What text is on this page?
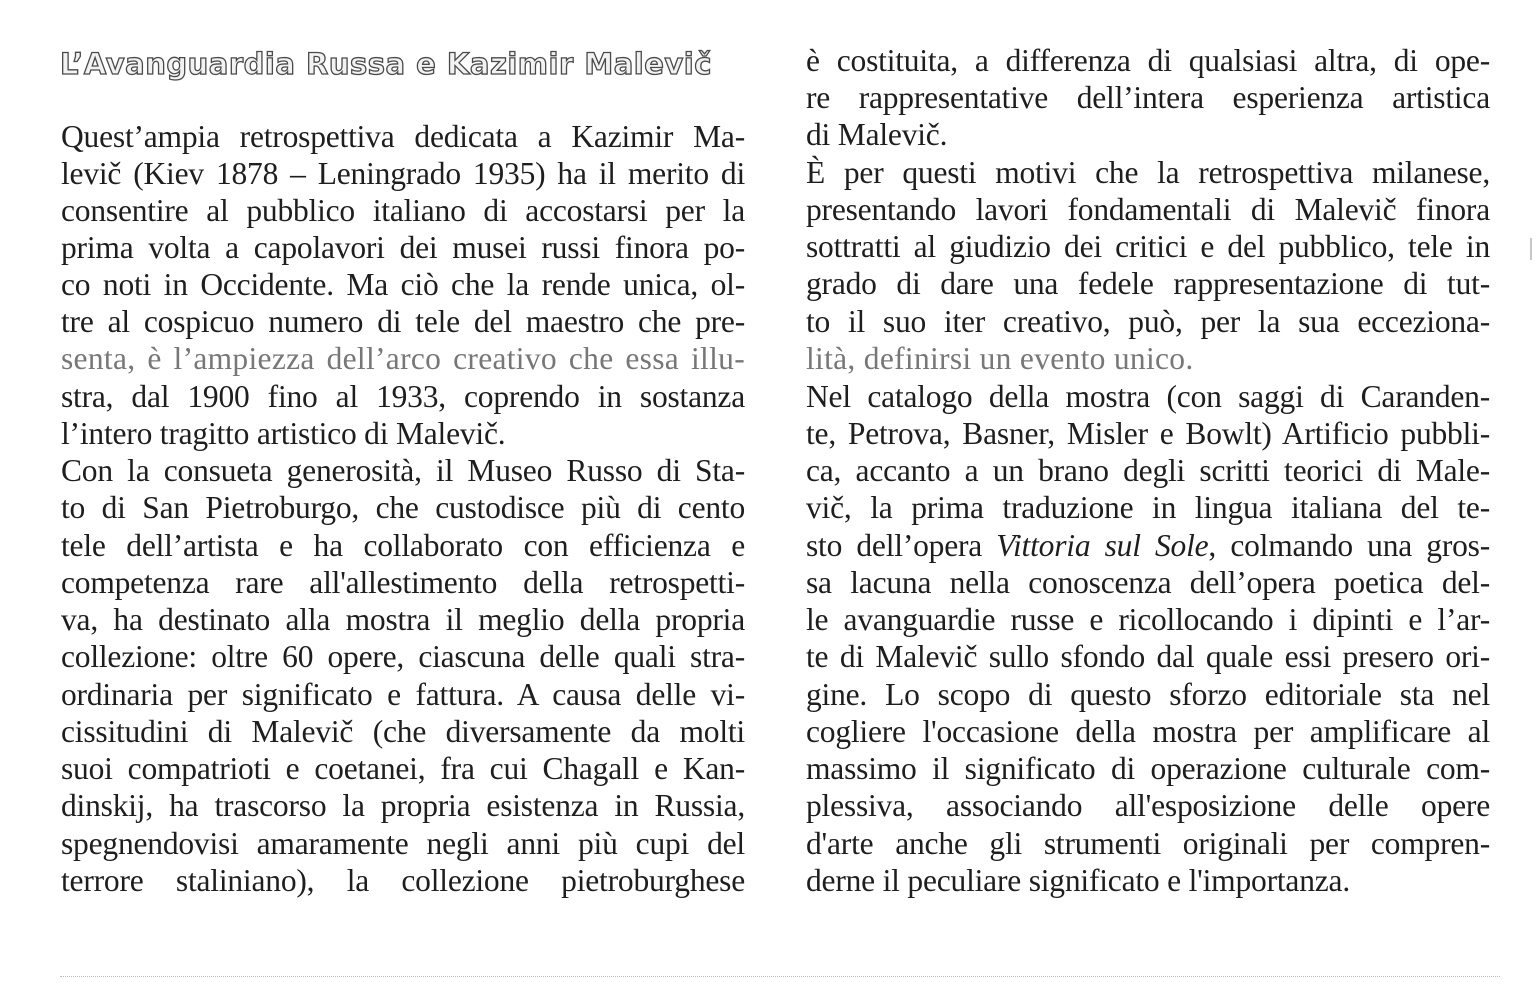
L’Avanguardia Russa e Kazimir Malevič
Quest’ampia retrospettiva dedicata a Kazimir Ma-
levič (Kiev 1878 – Leningrado 1935) ha il merito di
consentire al pubblico italiano di accostarsi per la
prima volta a capolavori dei musei russi finora po-
co noti in Occidente. Ma ciò che la rende unica, ol-
tre al cospicuo numero di tele del maestro che pre-
senta, è l’ampiezza dell’arco creativo che essa illu-
stra, dal 1900 fino al 1933, coprendo in sostanza
l’intero tragitto artistico di Malevič.
Con la consueta generosità, il Museo Russo di Sta-
to di San Pietroburgo, che custodisce più di cento
tele dell’artista e ha collaborato con efficienza e
competenza rare all'allestimento della retrospetti-
va, ha destinato alla mostra il meglio della propria
collezione: oltre 60 opere, ciascuna delle quali stra-
ordinaria per significato e fattura. A causa delle vi-
cissitudini di Malevič (che diversamente da molti
suoi compatrioti e coetanei, fra cui Chagall e Kan-
dinskij, ha trascorso la propria esistenza in Russia,
spegnendovisi amaramente negli anni più cupi del
terrore staliniano), la collezione pietroburghese
è costituita, a differenza di qualsiasi altra, di ope-
re rappresentative dell’intera esperienza artistica
di Malevič.
È per questi motivi che la retrospettiva milanese,
presentando lavori fondamentali di Malevič finora
sottratti al giudizio dei critici e del pubblico, tele in
grado di dare una fedele rappresentazione di tut-
to il suo iter creativo, può, per la sua eccezionа-
lità, definirsi un evento unico.
Nel catalogo della mostra (con saggi di Caranden-
te, Petrova, Basner, Misler e Bowlt) Artificio pubbli-
ca, accanto a un brano degli scritti teorici di Male-
vič, la prima traduzione in lingua italiana del te-
sto dell’opera Vittoria sul Sole, colmando una gros-
sa lacuna nella conoscenza dell’opera poetica del-
le avanguardie russe e ricollocando i dipinti e l’ar-
te di Malevič sullo sfondo dal quale essi presero ori-
gine. Lo scopo di questo sforzo editoriale sta nel
cogliere l'occasione della mostra per amplificare al
massimo il significato di operazione culturale com-
plessiva, associando all'esposizione delle opere
d'arte anche gli strumenti originali per compren-
derne il peculiare significato e l'importanza.
